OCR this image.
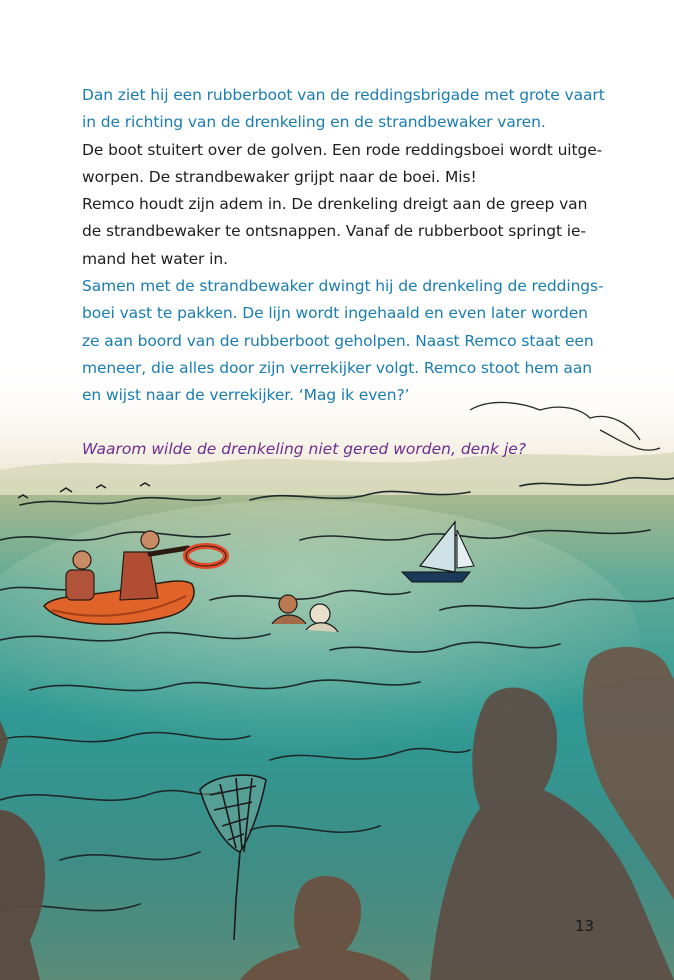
Dan ziet hij een rubberboot van de reddingsbrigade met grote vaart
in de richting van de drenkeling en de strandbewaker varen.
De boot stuitert over de golven. Een rode reddingsboei wordt uitge-
worpen. De strandbewaker grijpt naar de boei. Mis!
Remco houdt zijn adem in. De drenkeling dreigt aan de greep van
de strandbewaker te ontsnappen. Vanaf de rubberboot springt ie-
mand het water in.
Samen met de strandbewaker dwingt hij de drenkeling de reddings-
boei vast te pakken. De lijn wordt ingehaald en even later worden
ze aan boord van de rubberboot geholpen. Naast Remco staat een
meneer, die alles door zijn verrekijker volgt. Remco stoot hem aan
en wijst naar de verrekijker. ‘Mag ik even?’
Waarom wilde de drenkeling niet gered worden, denk je?
13
